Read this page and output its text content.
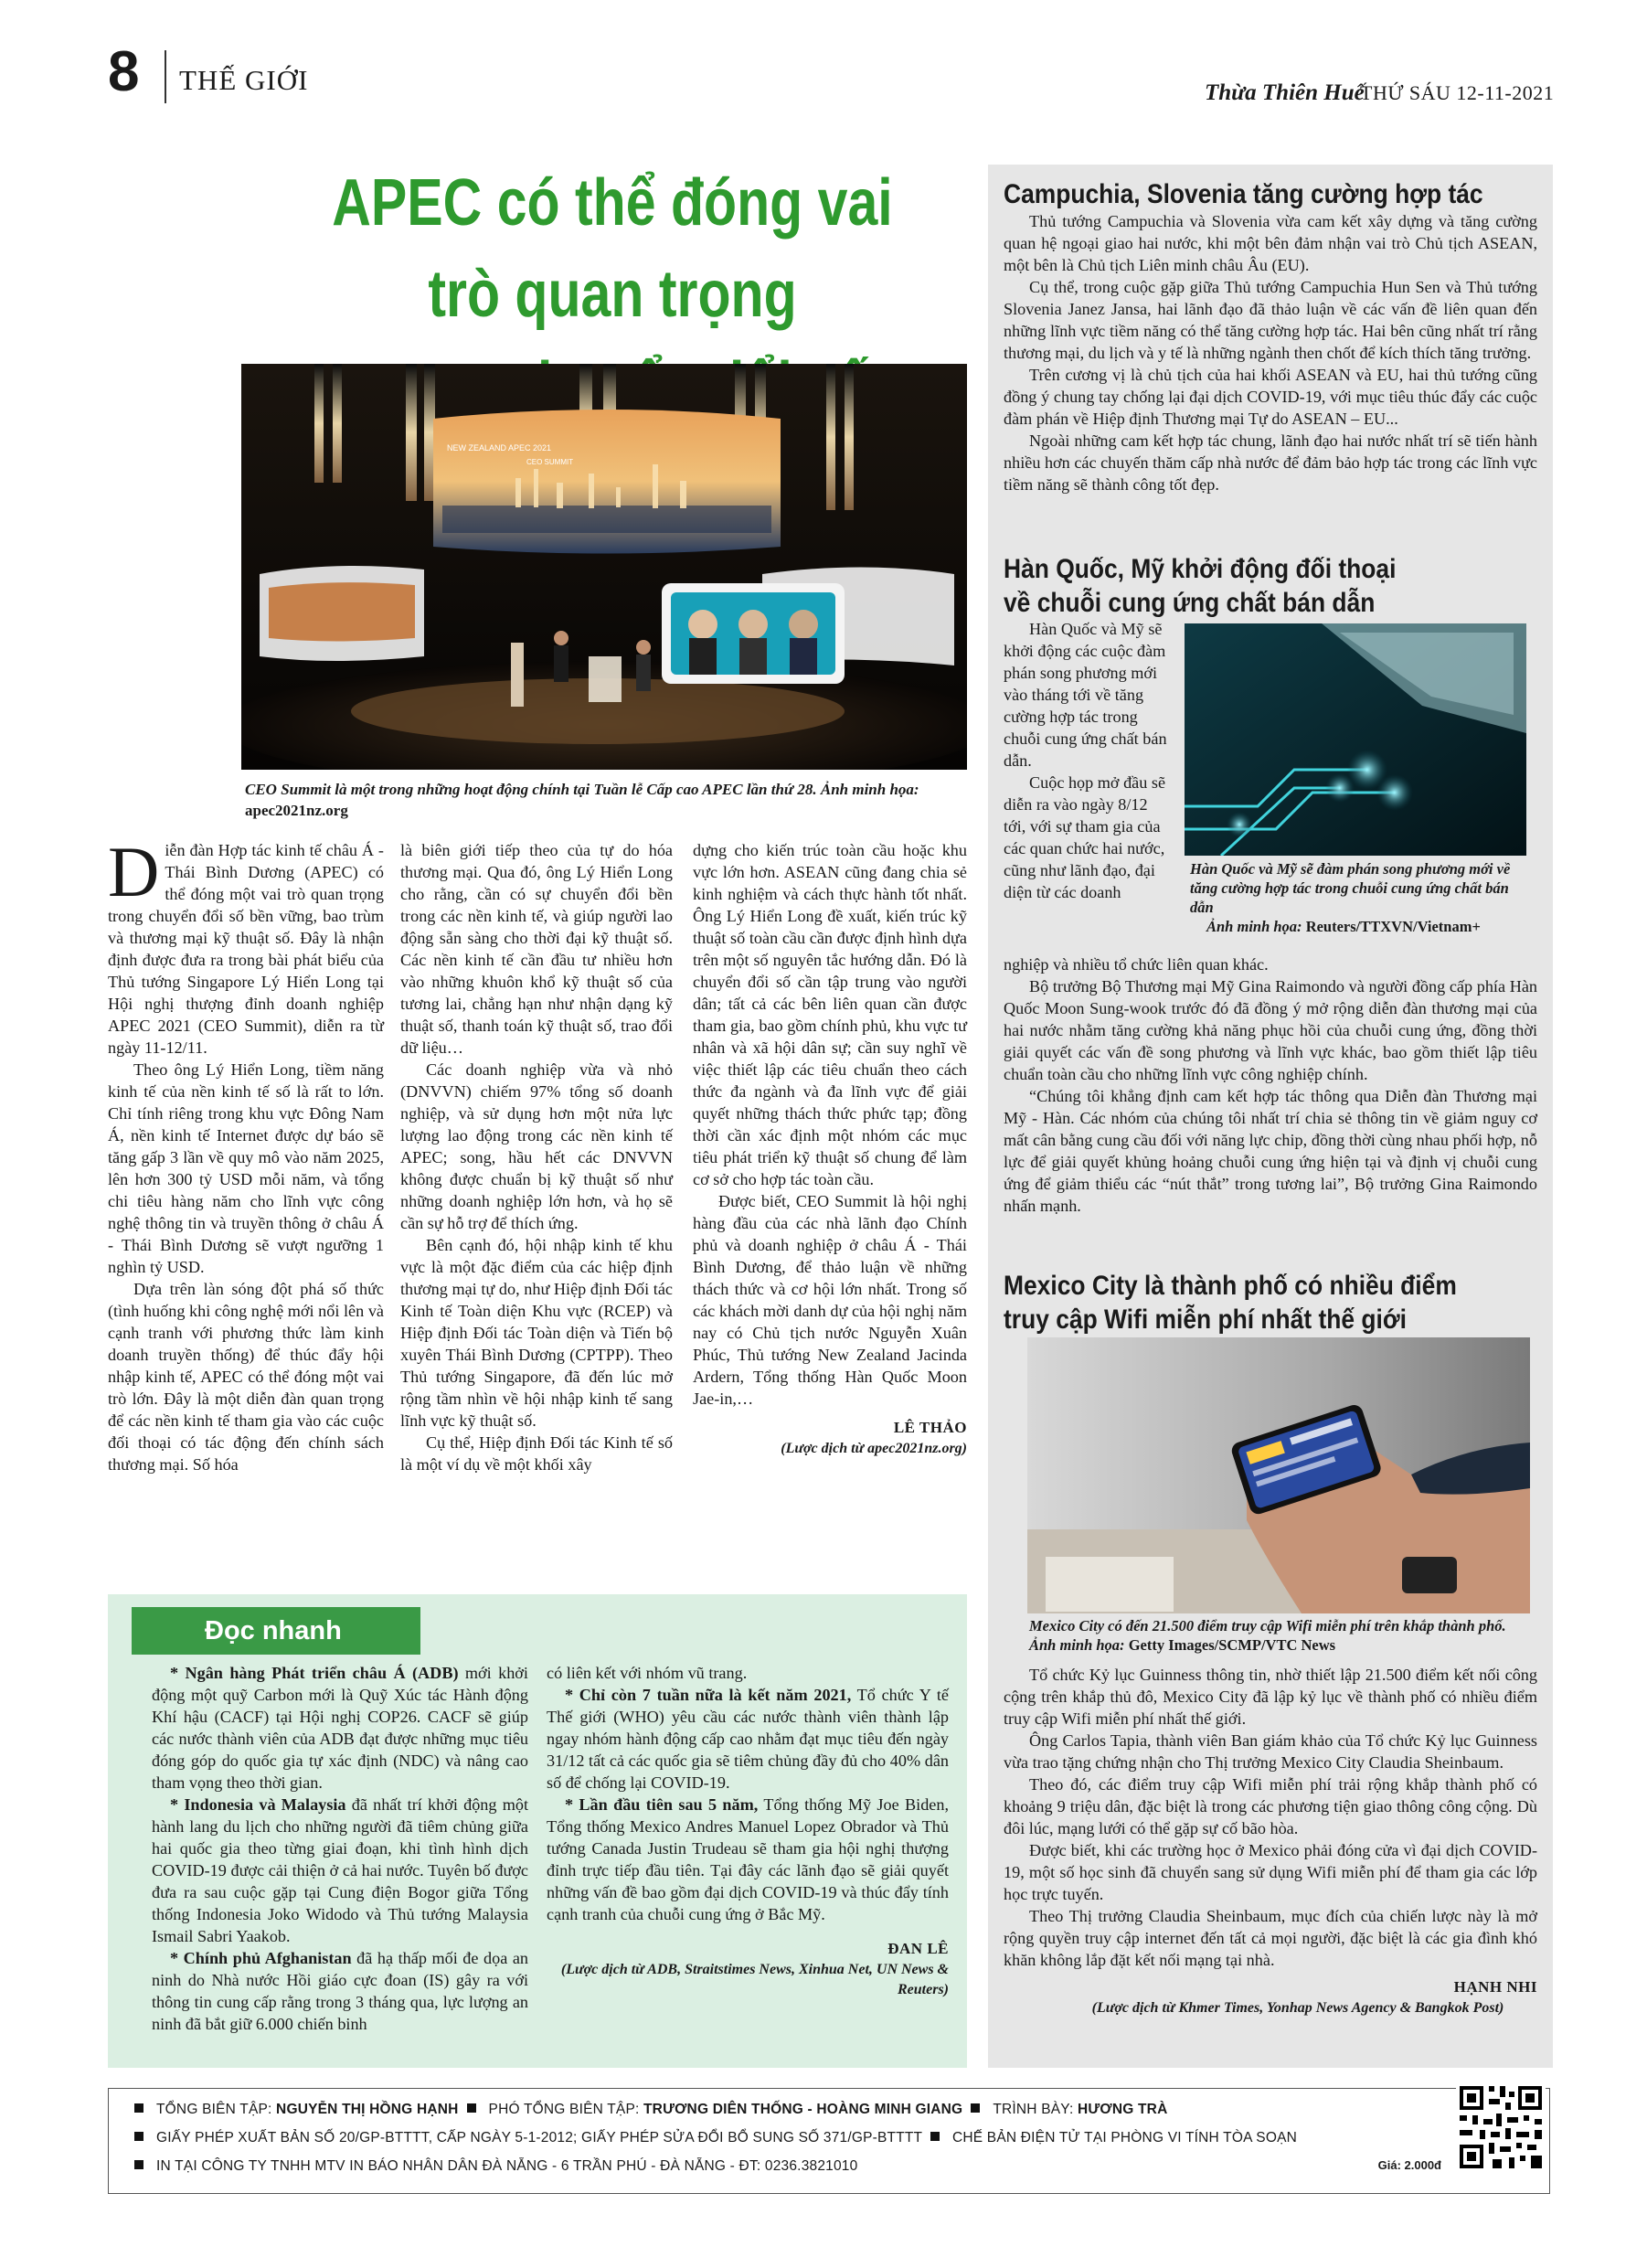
8 THẾ GIỚI	Thừa Thiên Huế
THỨ SÁU 12-11-2021
APEC có thể đóng vai trò quan trọng
NEW ZEALAND APEC 2021
CEO SUMMIT
CEO Summit là một trong những hoạt động chính tại Tuần lễ Cấp cao APEC lần thứ 28. Ảnh minh họa: apec2021nz.org

Diễn đàn Hợp tác kinh tế châu Á - Thái Bình Dương (APEC) có thể đóng một vai trò quan trọng trong chuyển đổi số bền vững, bao trùm và thương mại kỹ thuật số. Đây là nhận định được đưa ra trong bài phát biểu của Thủ tướng Singapore Lý Hiển Long tại Hội nghị thượng đỉnh doanh nghiệp APEC 2021 (CEO Summit), diễn ra từ ngày 11-12/11.

Theo ông Lý Hiển Long, tiềm năng kinh tế của nền kinh tế số là rất to lớn. Chỉ tính riêng trong khu vực Đông Nam Á, nền kinh tế Internet được dự báo sẽ tăng gấp 3 lần về quy mô vào năm 2025, lên hơn 300 tỷ USD mỗi năm, và tổng chi tiêu hàng năm cho lĩnh vực công nghệ thông tin và truyền thông ở châu Á - Thái Bình Dương sẽ vượt ngưỡng 1 nghìn tỷ USD.

Dựa trên làn sóng đột phá số thức (tình huống khi công nghệ mới nổi lên và cạnh tranh với phương thức làm kinh doanh truyền thống) để thúc đẩy hội nhập kinh tế, APEC có thể đóng một vai trò lớn. Đây là một diễn đàn quan trọng để các nền kinh tế tham gia vào các cuộc đối thoại có tác động đến chính sách thương mại. Số hóa

là biên giới tiếp theo của tự do hóa thương mại. Qua đó, ông Lý Hiển Long cho rằng, cần có sự chuyển đổi bền trong các nền kinh tế, và giúp người lao động sẵn sàng cho thời đại kỹ thuật số. Các nền kinh tế cần đầu tư nhiều hơn vào những khuôn khổ kỹ thuật số của tương lai, chẳng hạn như nhận dạng kỹ thuật số, thanh toán kỹ thuật số, trao đổi dữ liệu…

Các doanh nghiệp vừa và nhỏ (DNVVN) chiếm 97% tổng số doanh nghiệp, và sử dụng hơn một nửa lực lượng lao động trong các nền kinh tế APEC; song, hầu hết các DNVVN không được chuẩn bị kỹ thuật số như những doanh nghiệp lớn hơn, và họ sẽ cần sự hỗ trợ để thích ứng.

Bên cạnh đó, hội nhập kinh tế khu vực là một đặc điểm của các hiệp định thương mại tự do, như Hiệp định Đối tác Kinh tế Toàn diện Khu vực (RCEP) và Hiệp định Đối tác Toàn diện và Tiến bộ xuyên Thái Bình Dương (CPTPP). Theo Thủ tướng Singapore, đã đến lúc mở rộng tầm nhìn về hội nhập kinh tế sang lĩnh vực kỹ thuật số.

Cụ thể, Hiệp định Đối tác Kinh tế số là một ví dụ về một khối xây

dựng cho kiến trúc toàn cầu hoặc khu vực lớn hơn. ASEAN cũng đang chia sẻ kinh nghiệm và cách thực hành tốt nhất. Ông Lý Hiển Long đề xuất, kiến trúc kỹ thuật số toàn cầu cần được định hình dựa trên một số nguyên tắc hướng dẫn. Đó là chuyển đổi số cần tập trung vào người dân; tất cả các bên liên quan cần được tham gia, bao gồm chính phủ, khu vực tư nhân và xã hội dân sự; cần suy nghĩ về việc thiết lập các tiêu chuẩn theo cách thức đa ngành và đa lĩnh vực để giải quyết những thách thức phức tạp; đồng thời cần xác định một nhóm các mục tiêu phát triển kỹ thuật số chung để làm cơ sở cho hợp tác toàn cầu.

Được biết, CEO Summit là hội nghị hàng đầu của các nhà lãnh đạo Chính phủ và doanh nghiệp ở châu Á - Thái Bình Dương, để thảo luận về những thách thức và cơ hội lớn nhất. Trong số các khách mời danh dự của hội nghị năm nay có Chủ tịch nước Nguyễn Xuân Phúc, Thủ tướng New Zealand Jacinda Ardern, Tổng thống Hàn Quốc Moon Jae-in,…

LÊ THẢO
(Lược dịch từ apec2021nz.org)
Campuchia, Slovenia tăng cường hợp tác

Thủ tướng Campuchia và Slovenia vừa cam kết xây dựng và tăng cường quan hệ ngoại giao hai nước, khi một bên đảm nhận vai trò Chủ tịch ASEAN, một bên là Chủ tịch Liên minh châu Âu (EU).

Cụ thể, trong cuộc gặp giữa Thủ tướng Campuchia Hun Sen và Thủ tướng Slovenia Janez Jansa, hai lãnh đạo đã thảo luận về các vấn đề liên quan đến những lĩnh vực tiềm năng có thể tăng cường hợp tác. Hai bên cũng nhất trí rằng thương mại, du lịch và y tế là những ngành then chốt để kích thích tăng trưởng.

Trên cương vị là chủ tịch của hai khối ASEAN và EU, hai thủ tướng cũng đồng ý chung tay chống lại đại dịch COVID-19, với mục tiêu thúc đẩy các cuộc đàm phán về Hiệp định Thương mại Tự do ASEAN – EU...

Ngoài những cam kết hợp tác chung, lãnh đạo hai nước nhất trí sẽ tiến hành nhiều hơn các chuyến thăm cấp nhà nước để đảm bảo hợp tác trong các lĩnh vực tiềm năng sẽ thành công tốt đẹp.

Hàn Quốc, Mỹ khởi động đối thoại
về chuỗi cung ứng chất bán dẫn

Hàn Quốc và Mỹ sẽ khởi động các cuộc đàm phán song phương mới vào tháng tới về tăng cường hợp tác trong chuỗi cung ứng chất bán dẫn.

Cuộc họp mở đầu sẽ diễn ra vào ngày 8/12 tới, với sự tham gia của các quan chức hai nước, cũng như lãnh đạo, đại diện từ các doanh

Hàn Quốc và Mỹ sẽ đàm phán song phương mới về tăng cường hợp tác trong chuỗi cung ứng chất bán dẫn
Ảnh minh họa: Reuters/TTXVN/Vietnam+
nghiệp và nhiều tổ chức liên quan khác.

Bộ trưởng Bộ Thương mại Mỹ Gina Raimondo và người đồng cấp phía Hàn Quốc Moon Sung-wook trước đó đã đồng ý mở rộng diễn đàn thương mại của hai nước nhằm tăng cường khả năng phục hồi của chuỗi cung ứng, đồng thời giải quyết các vấn đề song phương và lĩnh vực khác, bao gồm thiết lập tiêu chuẩn toàn cầu cho những lĩnh vực công nghiệp chính.

“Chúng tôi khẳng định cam kết hợp tác thông qua Diễn đàn Thương mại Mỹ - Hàn. Các nhóm của chúng tôi nhất trí chia sẻ thông tin về giảm nguy cơ mất cân bằng cung cầu đối với năng lực chip, đồng thời cùng nhau phối hợp, nỗ lực để giải quyết khủng hoảng chuỗi cung ứng hiện tại và định vị chuỗi cung ứng để giảm thiểu các “nút thắt” trong tương lai”, Bộ trưởng Gina Raimondo nhấn mạnh.

Mexico City là thành phố có nhiều điểm
truy cập Wifi miễn phí nhất thế giới
Mexico City có đến 21.500 điểm truy cập Wifi miễn phí trên khắp thành phố. Ảnh minh họa: Getty Images/SCMP/VTC News

Tổ chức Kỷ lục Guinness thông tin, nhờ thiết lập 21.500 điểm kết nối công cộng trên khắp thủ đô, Mexico City đã lập kỷ lục về thành phố có nhiều điểm truy cập Wifi miễn phí nhất thế giới.

Ông Carlos Tapia, thành viên Ban giám khảo của Tổ chức Kỷ lục Guinness vừa trao tặng chứng nhận cho Thị trưởng Mexico City Claudia Sheinbaum.

Theo đó, các điểm truy cập Wifi miễn phí trải rộng khắp thành phố có khoảng 9 triệu dân, đặc biệt là trong các phương tiện giao thông công cộng. Dù đôi lúc, mạng lưới có thể gặp sự cố bão hòa.

Được biết, khi các trường học ở Mexico phải đóng cửa vì đại dịch COVID-19, một số học sinh đã chuyển sang sử dụng Wifi miễn phí để tham gia các lớp học trực tuyến.

Theo Thị trưởng Claudia Sheinbaum, mục đích của chiến lược này là mở rộng quyền truy cập internet đến tất cả mọi người, đặc biệt là các gia đình khó khăn không lắp đặt kết nối mạng tại nhà.

HẠNH NHI
(Lược dịch từ Khmer Times, Yonhap News Agency & Bangkok Post)
Đọc nhanh

* Ngân hàng Phát triển châu Á (ADB) mới khởi động một quỹ Carbon mới là Quỹ Xúc tác Hành động Khí hậu (CACF) tại Hội nghị COP26. CACF sẽ giúp các nước thành viên của ADB đạt được những mục tiêu đóng góp do quốc gia tự xác định (NDC) và nâng cao tham vọng theo thời gian.

* Indonesia và Malaysia đã nhất trí khởi động một hành lang du lịch cho những người đã tiêm chủng giữa hai quốc gia theo từng giai đoạn, khi tình hình dịch COVID-19 được cải thiện ở cả hai nước. Tuyên bố được đưa ra sau cuộc gặp tại Cung điện Bogor giữa Tổng thống Indonesia Joko Widodo và Thủ tướng Malaysia Ismail Sabri Yaakob.

* Chính phủ Afghanistan đã hạ thấp mối đe dọa an ninh do Nhà nước Hồi giáo cực đoan (IS) gây ra với thông tin cung cấp rằng trong 3 tháng qua, lực lượng an ninh đã bắt giữ 6.000 chiến binh

có liên kết với nhóm vũ trang.

* Chỉ còn 7 tuần nữa là kết năm 2021, Tổ chức Y tế Thế giới (WHO) yêu cầu các nước thành viên thành lập ngay nhóm hành động cấp cao nhằm đạt mục tiêu đến ngày 31/12 tất cả các quốc gia sẽ tiêm chủng đầy đủ cho 40% dân số để chống lại COVID-19.

* Lần đầu tiên sau 5 năm, Tổng thống Mỹ Joe Biden, Tổng thống Mexico Andres Manuel Lopez Obrador và Thủ tướng Canada Justin Trudeau sẽ tham gia hội nghị thượng đỉnh trực tiếp đầu tiên. Tại đây các lãnh đạo sẽ giải quyết những vấn đề bao gồm đại dịch COVID-19 và thúc đẩy tính cạnh tranh của chuỗi cung ứng ở Bắc Mỹ.

ĐAN LÊ
(Lược dịch từ ADB, Straitstimes News, Xinhua Net, UN News & Reuters)
TỔNG BIÊN TẬP: NGUYỄN THỊ HỒNG HẠNH PHÓ TỔNG BIÊN TẬP: TRƯƠNG DIÊN THỐNG - HOÀNG MINH GIANG TRÌNH BÀY: HƯƠNG TRÀ
GIẤY PHÉP XUẤT BẢN SỐ 20/GP-BTTTT, CẤP NGÀY 5-1-2012; GIẤY PHÉP SỬA ĐỔI BỔ SUNG SỐ 371/GP-BTTTT CHẾ BẢN ĐIỆN TỬ TẠI PHÒNG VI TÍNH TÒA SOẠN
IN TẠI CÔNG TY TNHH MTV IN BÁO NHÂN DÂN ĐÀ NẴNG - 6 TRẦN PHÚ - ĐÀ NẴNG - ĐT: 0236.3821010	Giá: 2.000đ
